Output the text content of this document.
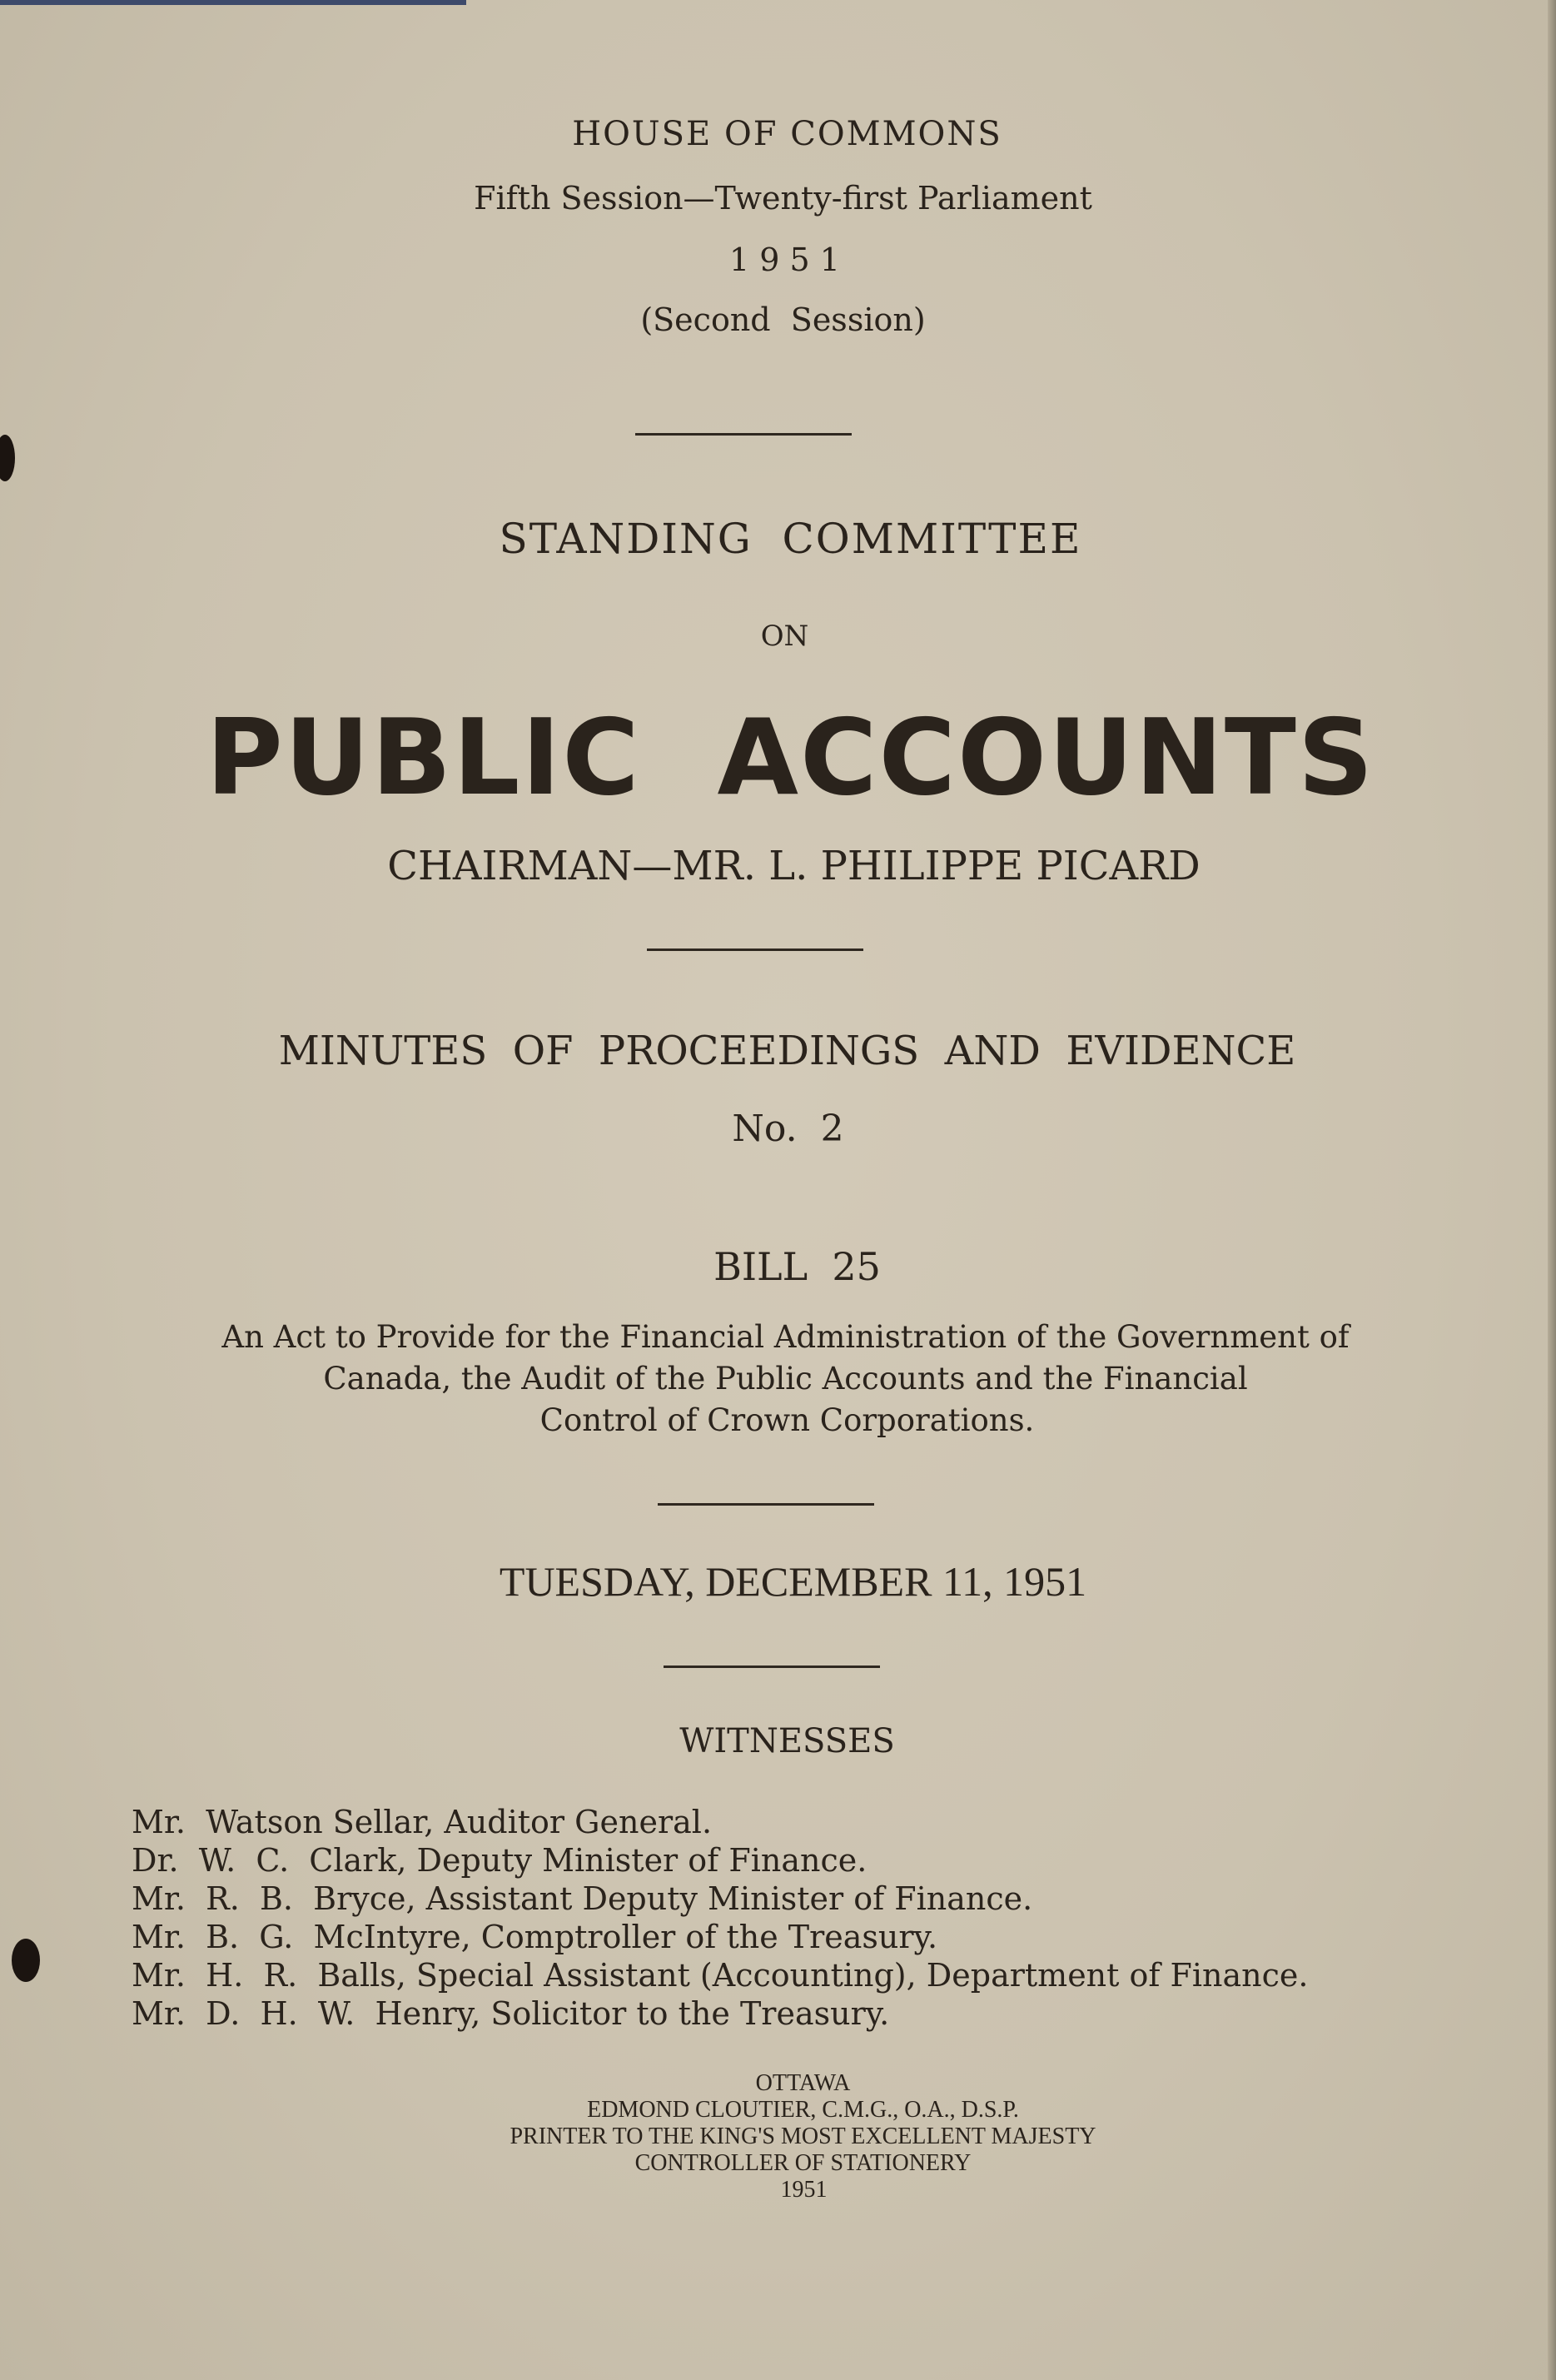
HOUSE OF COMMONS
Fifth Session—Twenty-first Parliament
1 9 5 1
(Second  Session)
STANDING  COMMITTEE
ON
PUBLIC  ACCOUNTS
CHAIRMAN—MR. L. PHILIPPE PICARD
MINUTES  OF  PROCEEDINGS  AND  EVIDENCE
No.  2
BILL  25
An Act to Provide for the Financial Administration of the Government of
Canada, the Audit of the Public Accounts and the Financial
Control of Crown Corporations.
TUESDAY, DECEMBER 11, 1951
WITNESSES
Mr.  Watson Sellar, Auditor General.
Dr.  W.  C.  Clark, Deputy Minister of Finance.
Mr.  R.  B.  Bryce, Assistant Deputy Minister of Finance.
Mr.  B.  G.  McIntyre, Comptroller of the Treasury.
Mr.  H.  R.  Balls, Special Assistant (Accounting), Department of Finance.
Mr.  D.  H.  W.  Henry, Solicitor to the Treasury.
OTTAWA
EDMOND CLOUTIER, C.M.G., O.A., D.S.P.
PRINTER TO THE KING'S MOST EXCELLENT MAJESTY
CONTROLLER OF STATIONERY
1951
